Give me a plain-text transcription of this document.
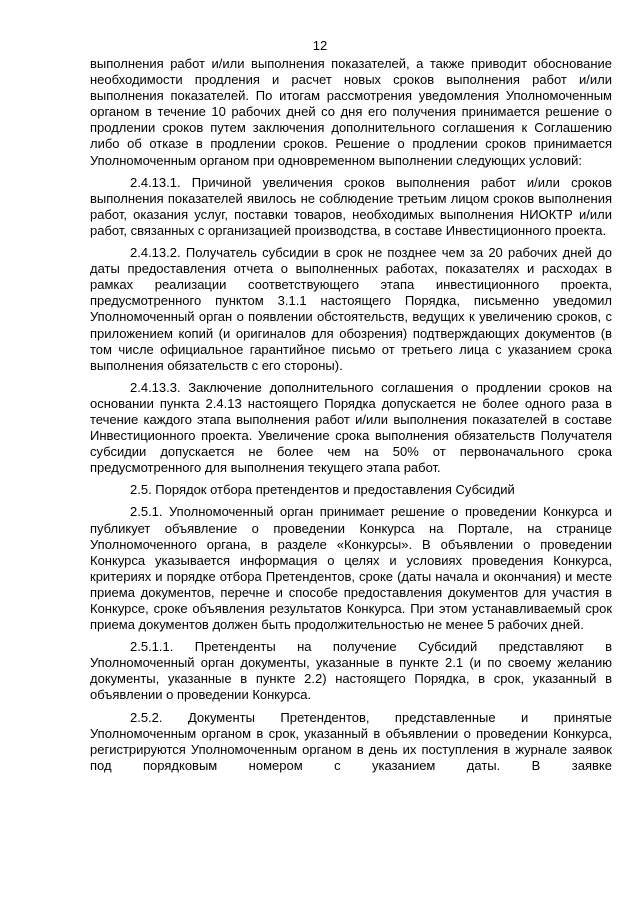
12

выполнения работ и/или выполнения показателей, а также приводит обоснование необходимости продления и расчет новых сроков выполнения работ и/или выполнения показателей. По итогам рассмотрения уведомления Уполномоченным органом в течение 10 рабочих дней со дня его получения принимается решение о продлении сроков путем заключения дополнительного соглашения к Соглашению либо об отказе в продлении сроков. Решение о продлении сроков принимается Уполномоченным органом при одновременном выполнении следующих условий:

2.4.13.1. Причиной увеличения сроков выполнения работ и/или сроков выполнения показателей явилось не соблюдение третьим лицом сроков выполнения работ, оказания услуг, поставки товаров, необходимых выполнения НИОКТР и/или работ, связанных с организацией производства, в составе Инвестиционного проекта.

2.4.13.2. Получатель субсидии в срок не позднее чем за 20 рабочих дней до даты предоставления отчета о выполненных работах, показателях и расходах в рамках реализации соответствующего этапа инвестиционного проекта, предусмотренного пунктом 3.1.1 настоящего Порядка, письменно уведомил Уполномоченный орган о появлении обстоятельств, ведущих к увеличению сроков, с приложением копий (и оригиналов для обозрения) подтверждающих документов (в том числе официальное гарантийное письмо от третьего лица с указанием срока выполнения обязательств с его стороны).

2.4.13.3. Заключение дополнительного соглашения о продлении сроков на основании пункта 2.4.13 настоящего Порядка допускается не более одного раза в течение каждого этапа выполнения работ и/или выполнения показателей в составе Инвестиционного проекта. Увеличение срока выполнения обязательств Получателя субсидии допускается не более чем на 50% от первоначального срока предусмотренного для выполнения текущего этапа работ.

2.5. Порядок отбора претендентов и предоставления Субсидий

2.5.1. Уполномоченный орган принимает решение о проведении Конкурса и публикует объявление о проведении Конкурса на Портале, на странице Уполномоченного органа, в разделе «Конкурсы». В объявлении о проведении Конкурса указывается информация о целях и условиях проведения Конкурса, критериях и порядке отбора Претендентов, сроке (даты начала и окончания) и месте приема документов, перечне и способе предоставления документов для участия в Конкурсе, сроке объявления результатов Конкурса. При этом устанавливаемый срок приема документов должен быть продолжительностью не менее 5 рабочих дней.

2.5.1.1. Претенденты на получение Субсидий представляют в Уполномоченный орган документы, указанные в пункте 2.1 (и по своему желанию документы, указанные в пункте 2.2) настоящего Порядка, в срок, указанный в объявлении о проведении Конкурса.

2.5.2. Документы Претендентов, представленные и принятые Уполномоченным органом в срок, указанный в объявлении о проведении Конкурса, регистрируются Уполномоченным органом в день их поступления в журнале заявок под порядковым номером с указанием даты. В заявке
